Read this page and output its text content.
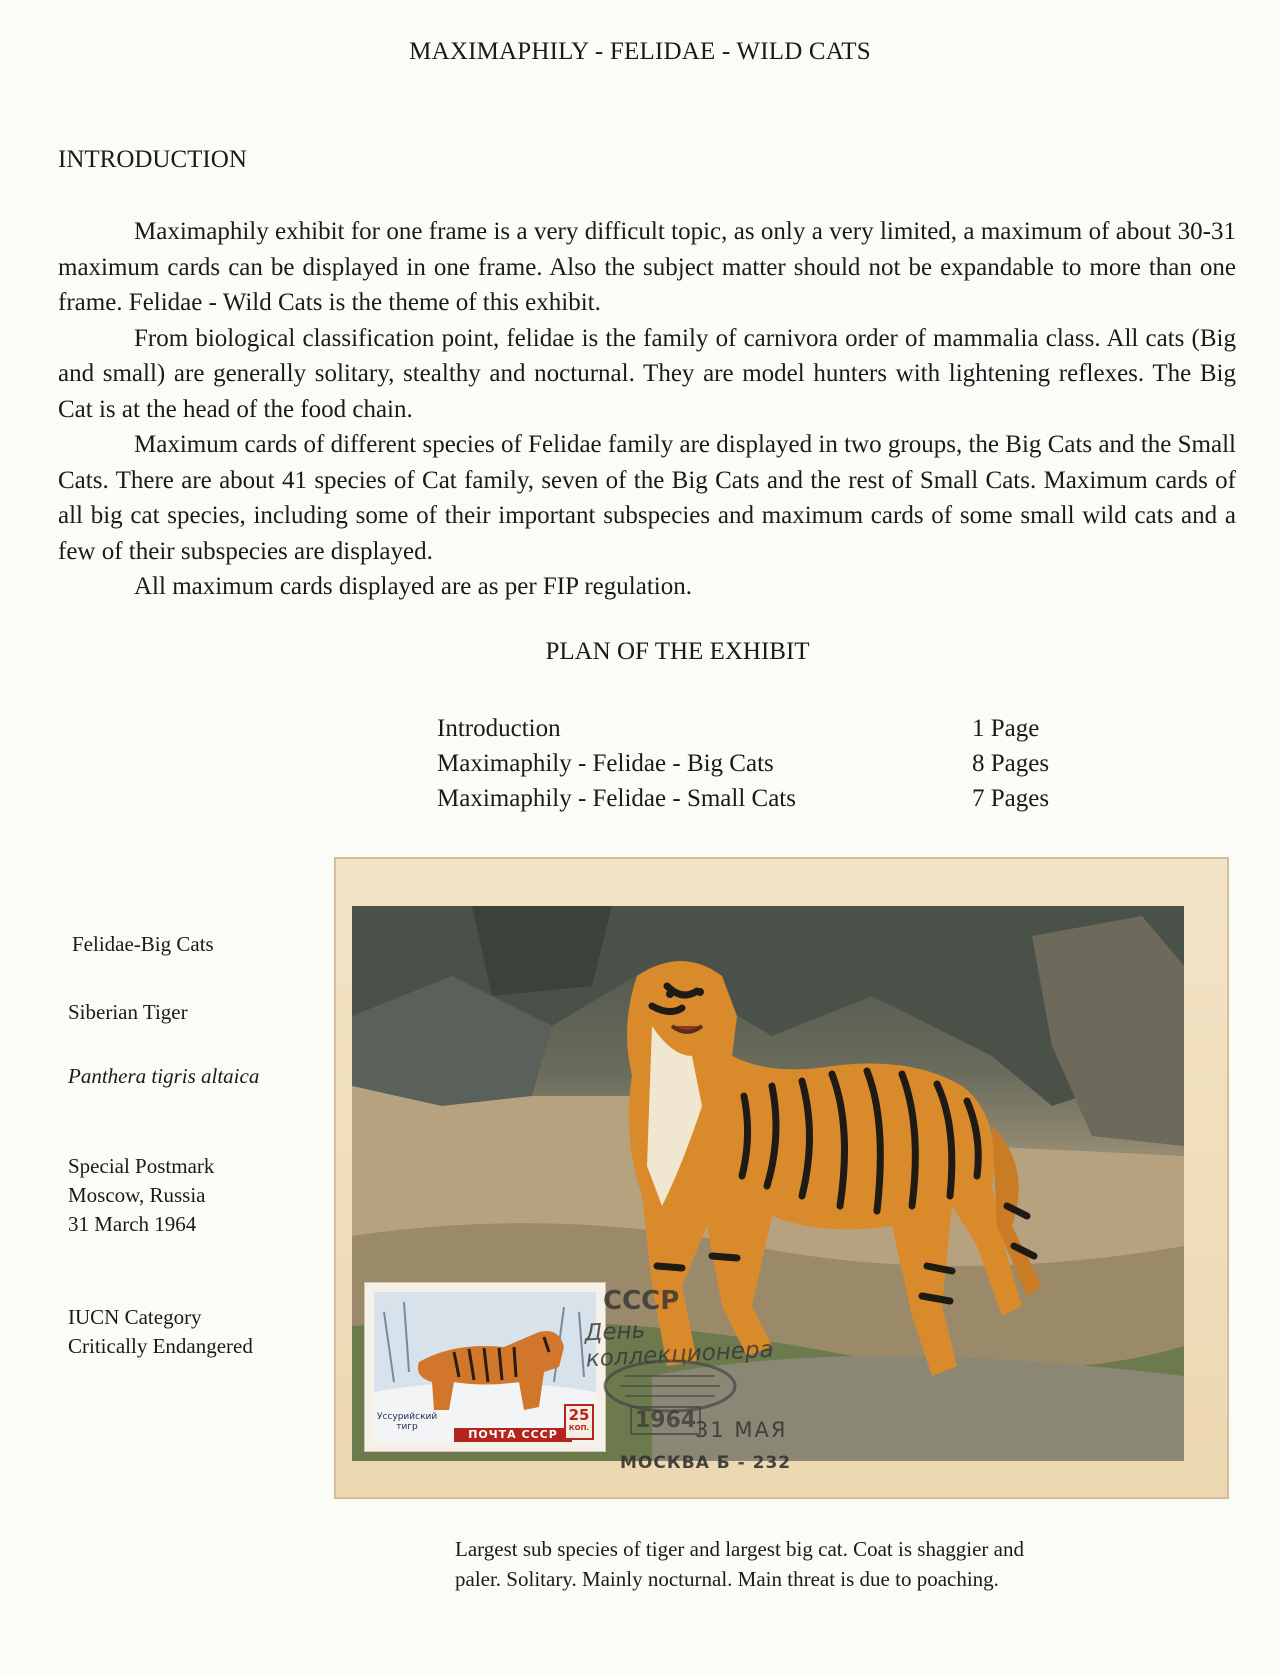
MAXIMAPHILY - FELIDAE - WILD CATS
INTRODUCTION

Maximaphily exhibit for one frame is a very difficult topic, as only a very limited, a maximum of about 30-31 maximum cards can be displayed in one frame. Also the subject matter should not be expandable to more than one frame. Felidae - Wild Cats is the theme of this exhibit.

From biological classification point, felidae is the family of carnivora order of mammalia class. All cats (Big and small) are generally solitary, stealthy and nocturnal. They are model hunters with lightening reflexes. The Big Cat is at the head of the food chain.

Maximum cards of different species of Felidae family are displayed in two groups, the Big Cats and the Small Cats. There are about 41 species of Cat family, seven of the Big Cats and the rest of Small Cats. Maximum cards of all big cat species, including some of their important subspecies and maximum cards of some small wild cats and a few of their subspecies are displayed.

All maximum cards displayed are as per FIP regulation.

PLAN OF THE EXHIBIT
Introduction	1 Page
Maximaphily - Felidae - Big Cats	8 Pages
Maximaphily - Felidae - Small Cats	7 Pages
Felidae-Big Cats
Siberian Tiger
Panthera tigris altaica
Special Postmark
Moscow, Russia
31 March 1964
IUCN Category
Critically Endangered
Уссурийский
тигр
ПОЧТА СССР
25
КОП.
СССР
День коллекционера
1964
31 МАЯ
МОСКВА Б - 232
Largest sub species of tiger and largest big cat. Coat is shaggier and
paler. Solitary. Mainly nocturnal. Main threat is due to poaching.
